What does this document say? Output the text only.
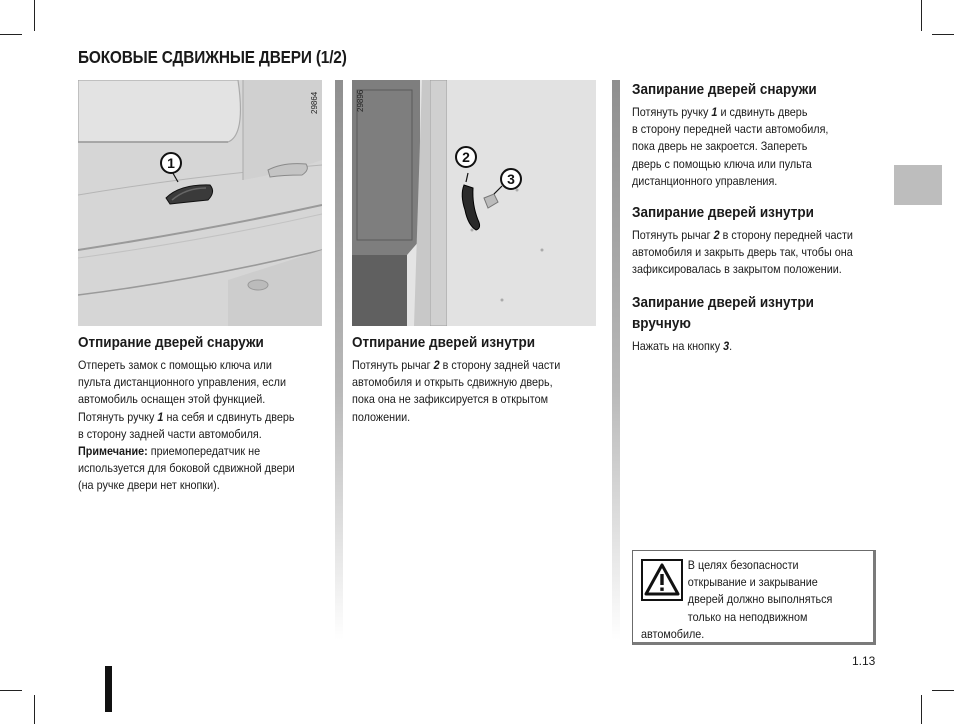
БОКОВЫЕ СДВИЖНЫЕ ДВЕРИ (1/2)
1
29864
2
3
29896
Отпирание дверей снаружи

Отпереть замок с помощью ключа или

пульта дистанционного управления, если

автомобиль оснащен этой функцией.

Потянуть ручку 1 на себя и сдвинуть дверь

в сторону задней части автомобиля.

Примечание: приемопередатчик не

используется для боковой сдвижной двери

(на ручке двери нет кнопки).

Отпирание дверей изнутри

Потянуть рычаг 2 в сторону задней части

автомобиля и открыть сдвижную дверь,

пока она не зафиксируется в открытом

положении.

Запирание дверей снаружи

Потянуть ручку 1 и сдвинуть дверь

в сторону передней части автомобиля,

пока дверь не закроется. Запереть

дверь с помощью ключа или пульта

дистанционного управления.

Запирание дверей изнутри

Потянуть рычаг 2 в сторону передней части

автомобиля и закрыть дверь так, чтобы она

зафиксировалась в закрытом положении.

Запирание дверей изнутри
вручную

Нажать на кнопку 3.

В целях безопасности
открывание и закрывание
дверей должно выполняться
только на неподвижном
автомобиле.
1.13
